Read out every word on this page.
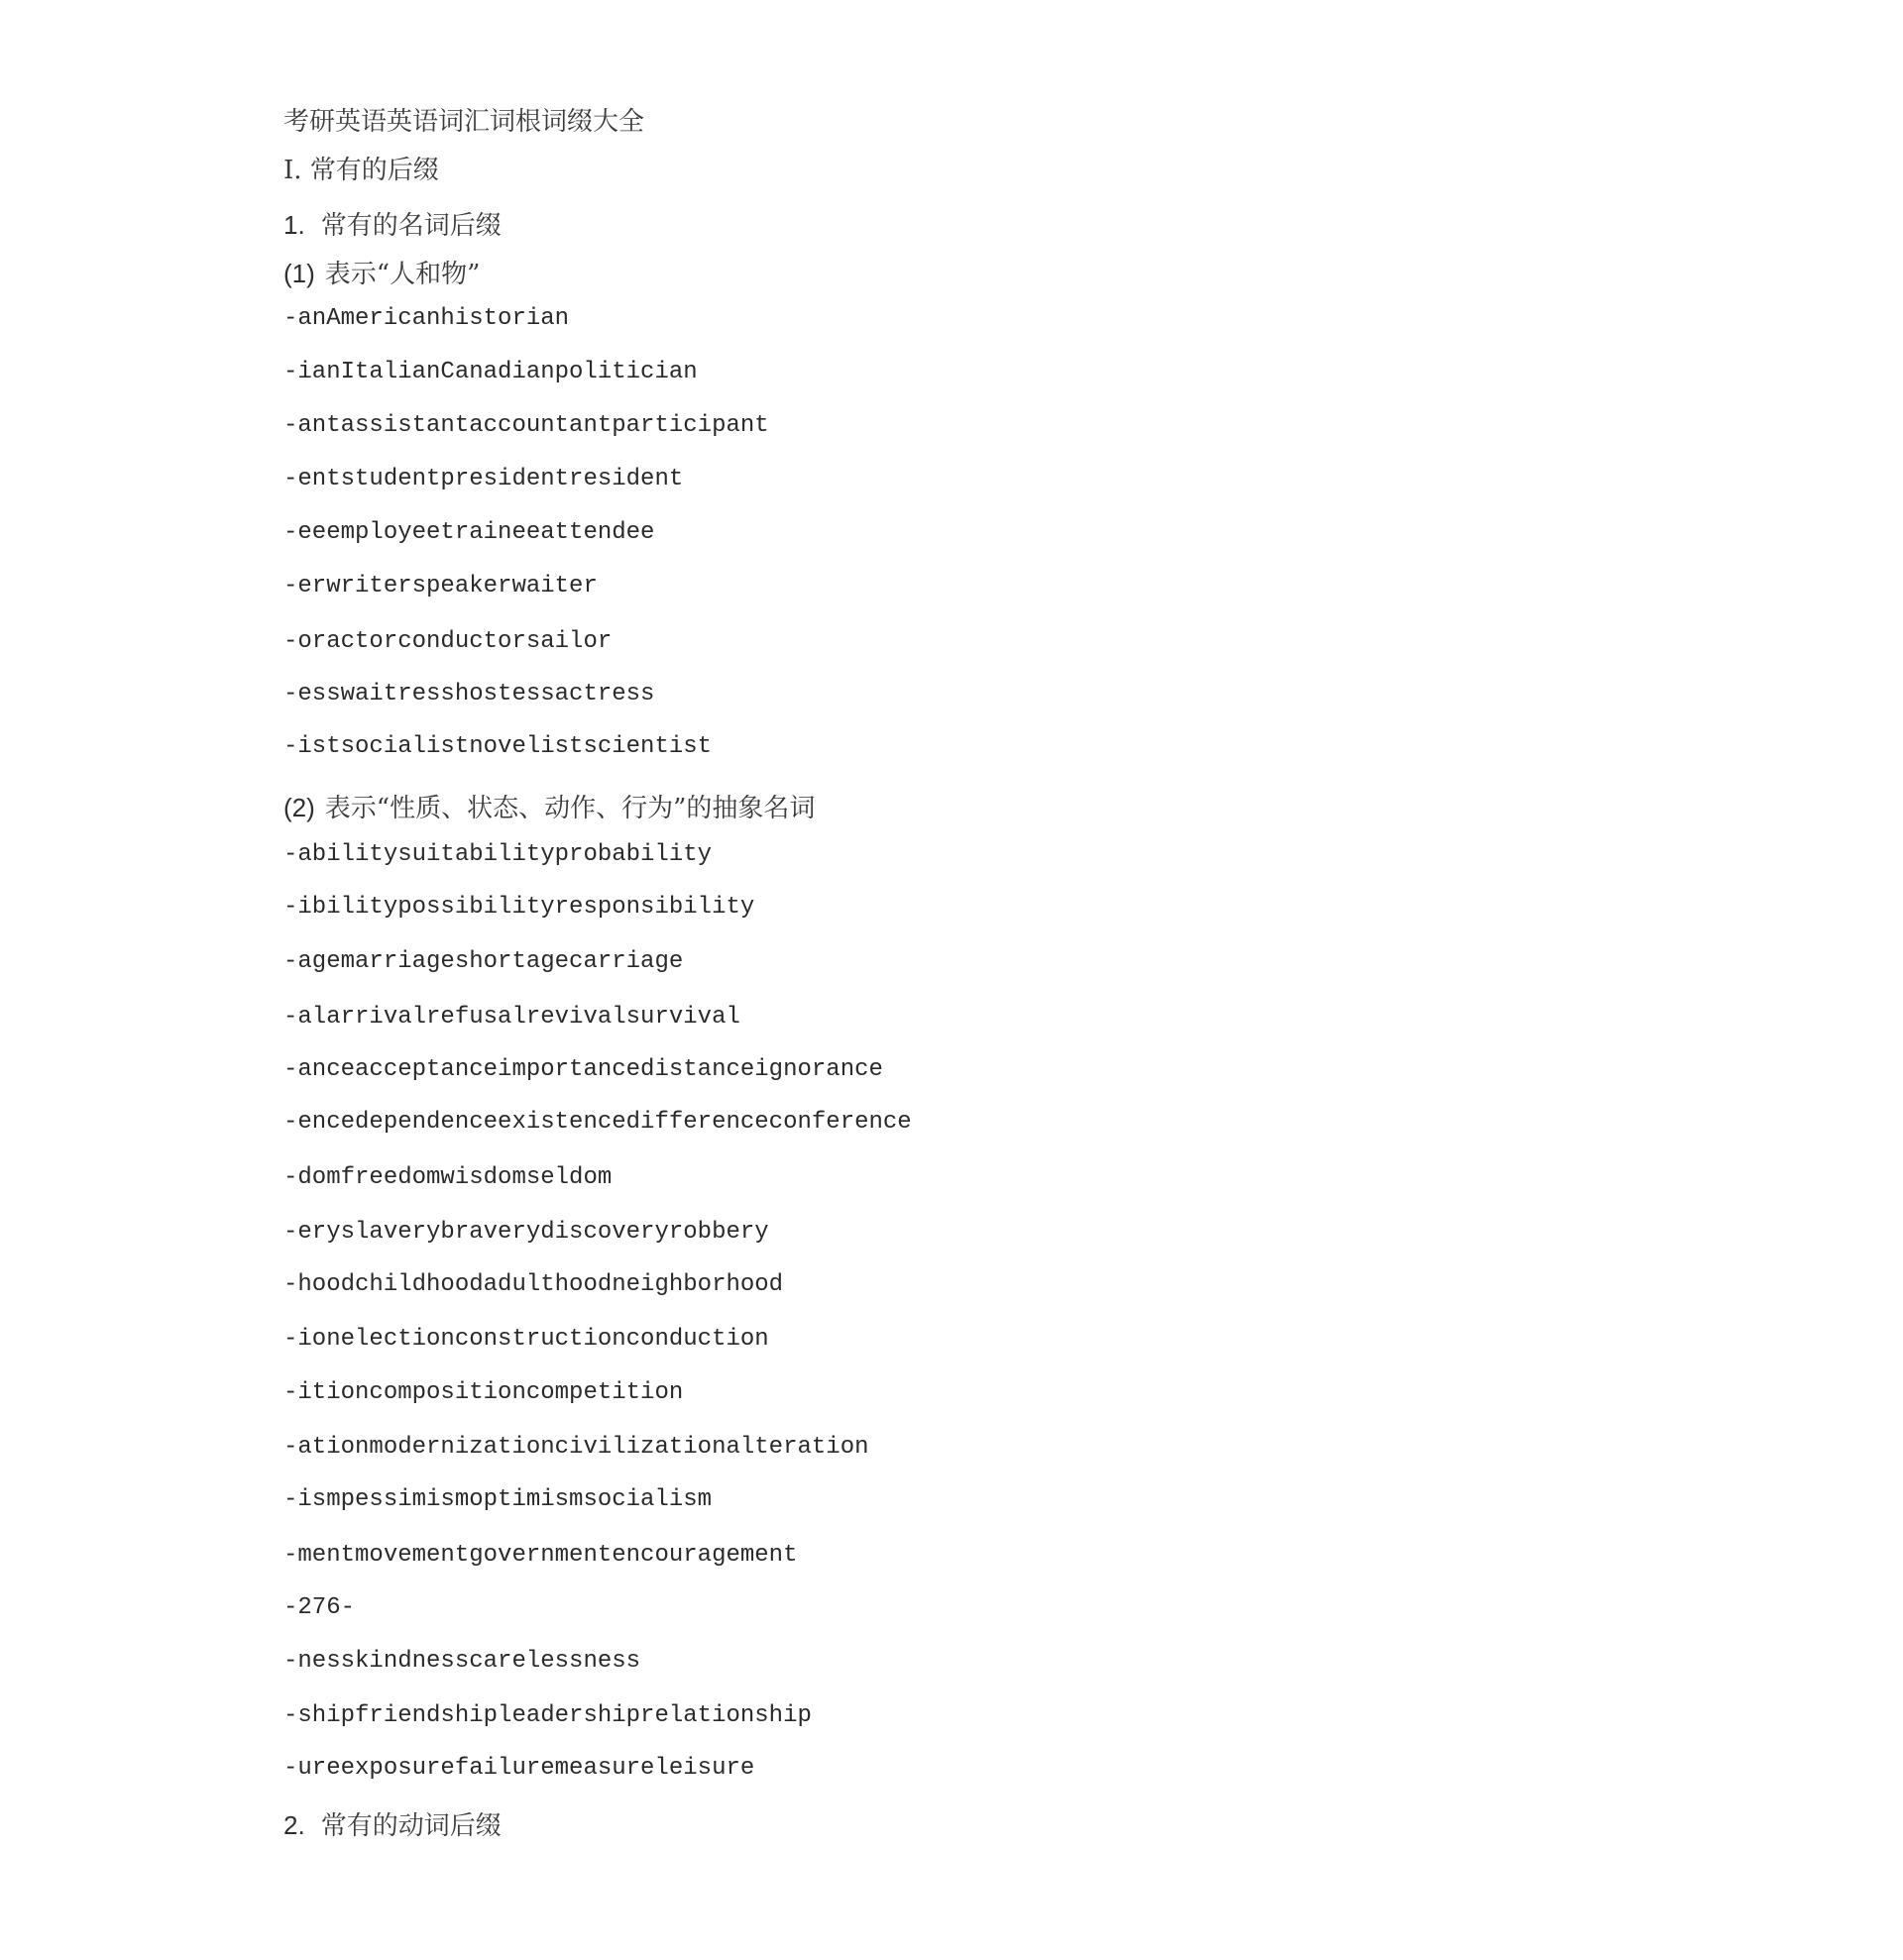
考研英语英语词汇词根词缀大全
Ⅰ. 常有的后缀
1. 常有的名词后缀
(1) 表示“人和物”
-anAmericanhistorian
-ianItalianCanadianpolitician
-antassistantaccountantparticipant
-entstudentpresidentresident
-eeemployeetraineeattendee
-erwriterspeakerwaiter
-oractorconductorsailor
-esswaitresshostessactress
-istsocialistnovelistscientist
(2) 表示“性质、状态、动作、行为”的抽象名词
-abilitysuitabilityprobability
-ibilitypossibilityresponsibility
-agemarriageshortagecarriage
-alarrivalrefusalrevivalsurvival
-anceacceptanceimportancedistanceignorance
-encedependenceexistencedifferenceconference
-domfreedomwisdomseldom
-eryslaverybraverydiscoveryrobbery
-hoodchildhoodadulthoodneighborhood
-ionelectionconstructionconduction
-itioncompositioncompetition
-ationmodernizationcivilizationalteration
-ismpessimismoptimismsocialism
-mentmovementgovernmentencouragement
-276-
-nesskindnesscarelessness
-shipfriendshipleadershiprelationship
-ureexposurefailuremeasureleisure
2. 常有的动词后缀
